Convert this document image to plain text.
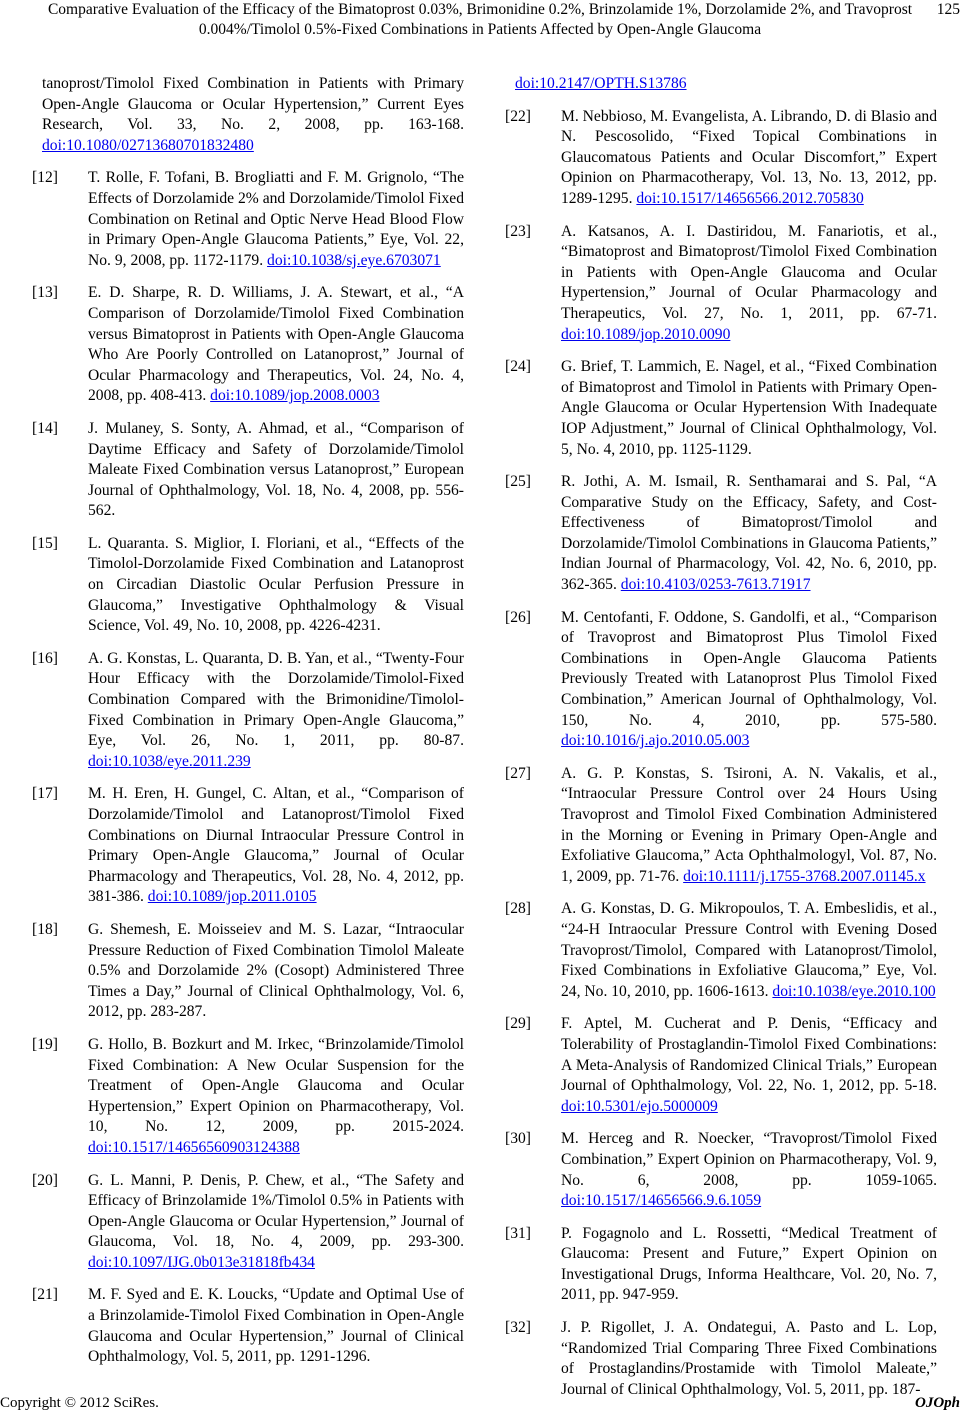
Comparative Evaluation of the Efficacy of the Bimatoprost 0.03%, Brimonidine 0.2%, Brinzolamide 1%, Dorzolamide 2%, and Travoprost 0.004%/Timolol 0.5%-Fixed Combinations in Patients Affected by Open-Angle Glaucoma
125
tanoprost/Timolol Fixed Combination in Patients with Primary Open-Angle Glaucoma or Ocular Hypertension,” Current Eyes Research, Vol. 33, No. 2, 2008, pp. 163-168. doi:10.1080/02713680701832480
[12] T. Rolle, F. Tofani, B. Brogliatti and F. M. Grignolo, “The Effects of Dorzolamide 2% and Dorzolamide/Timolol Fixed Combination on Retinal and Optic Nerve Head Blood Flow in Primary Open-Angle Glaucoma Patients,” Eye, Vol. 22, No. 9, 2008, pp. 1172-1179. doi:10.1038/sj.eye.6703071
[13] E. D. Sharpe, R. D. Williams, J. A. Stewart, et al., “A Comparison of Dorzolamide/Timolol Fixed Combination versus Bimatoprost in Patients with Open-Angle Glaucoma Who Are Poorly Controlled on Latanoprost,” Journal of Ocular Pharmacology and Therapeutics, Vol. 24, No. 4, 2008, pp. 408-413. doi:10.1089/jop.2008.0003
[14] J. Mulaney, S. Sonty, A. Ahmad, et al., “Comparison of Daytime Efficacy and Safety of Dorzolamide/Timolol Maleate Fixed Combination versus Latanoprost,” European Journal of Ophthalmology, Vol. 18, No. 4, 2008, pp. 556-562.
[15] L. Quaranta. S. Miglior, I. Floriani, et al., “Effects of the Timolol-Dorzolamide Fixed Combination and Latanoprost on Circadian Diastolic Ocular Perfusion Pressure in Glaucoma,” Investigative Ophthalmology & Visual Science, Vol. 49, No. 10, 2008, pp. 4226-4231.
[16] A. G. Konstas, L. Quaranta, D. B. Yan, et al., “Twenty-Four Hour Efficacy with the Dorzolamide/Timolol-Fixed Combination Compared with the Brimonidine/Timolol-Fixed Combination in Primary Open-Angle Glaucoma,” Eye, Vol. 26, No. 1, 2011, pp. 80-87. doi:10.1038/eye.2011.239
[17] M. H. Eren, H. Gungel, C. Altan, et al., “Comparison of Dorzolamide/Timolol and Latanoprost/Timolol Fixed Combinations on Diurnal Intraocular Pressure Control in Primary Open-Angle Glaucoma,” Journal of Ocular Pharmacology and Therapeutics, Vol. 28, No. 4, 2012, pp. 381-386. doi:10.1089/jop.2011.0105
[18] G. Shemesh, E. Moisseiev and M. S. Lazar, “Intraocular Pressure Reduction of Fixed Combination Timolol Maleate 0.5% and Dorzolamide 2% (Cosopt) Administered Three Times a Day,” Journal of Clinical Ophthalmology, Vol. 6, 2012, pp. 283-287.
[19] G. Hollo, B. Bozkurt and M. Irkec, “Brinzolamide/Timolol Fixed Combination: A New Ocular Suspension for the Treatment of Open-Angle Glaucoma and Ocular Hypertension,” Expert Opinion on Pharmacotherapy, Vol. 10, No. 12, 2009, pp. 2015-2024. doi:10.1517/14656560903124388
[20] G. L. Manni, P. Denis, P. Chew, et al., “The Safety and Efficacy of Brinzolamide 1%/Timolol 0.5% in Patients with Open-Angle Glaucoma or Ocular Hypertension,” Journal of Glaucoma, Vol. 18, No. 4, 2009, pp. 293-300. doi:10.1097/IJG.0b013e31818fb434
[21] M. F. Syed and E. K. Loucks, “Update and Optimal Use of a Brinzolamide-Timolol Fixed Combination in Open-Angle Glaucoma and Ocular Hypertension,” Journal of Clinical Ophthalmology, Vol. 5, 2011, pp. 1291-1296.
doi:10.2147/OPTH.S13786
[22] M. Nebbioso, M. Evangelista, A. Librando, D. di Blasio and N. Pescosolido, “Fixed Topical Combinations in Glaucomatous Patients and Ocular Discomfort,” Expert Opinion on Pharmacotherapy, Vol. 13, No. 13, 2012, pp. 1289-1295. doi:10.1517/14656566.2012.705830
[23] A. Katsanos, A. I. Dastiridou, M. Fanariotis, et al., “Bimatoprost and Bimatoprost/Timolol Fixed Combination in Patients with Open-Angle Glaucoma and Ocular Hypertension,” Journal of Ocular Pharmacology and Therapeutics, Vol. 27, No. 1, 2011, pp. 67-71. doi:10.1089/jop.2010.0090
[24] G. Brief, T. Lammich, E. Nagel, et al., “Fixed Combination of Bimatoprost and Timolol in Patients with Primary Open-Angle Glaucoma or Ocular Hypertension With Inadequate IOP Adjustment,” Journal of Clinical Ophthalmology, Vol. 5, No. 4, 2010, pp. 1125-1129.
[25] R. Jothi, A. M. Ismail, R. Senthamarai and S. Pal, “A Comparative Study on the Efficacy, Safety, and Cost-Effectiveness of Bimatoprost/Timolol and Dorzolamide/Timolol Combinations in Glaucoma Patients,” Indian Journal of Pharmacology, Vol. 42, No. 6, 2010, pp. 362-365. doi:10.4103/0253-7613.71917
[26] M. Centofanti, F. Oddone, S. Gandolfi, et al., “Comparison of Travoprost and Bimatoprost Plus Timolol Fixed Combinations in Open-Angle Glaucoma Patients Previously Treated with Latanoprost Plus Timolol Fixed Combination,” American Journal of Ophthalmology, Vol. 150, No. 4, 2010, pp. 575-580. doi:10.1016/j.ajo.2010.05.003
[27] A. G. P. Konstas, S. Tsironi, A. N. Vakalis, et al., “Intraocular Pressure Control over 24 Hours Using Travoprost and Timolol Fixed Combination Administered in the Morning or Evening in Primary Open-Angle and Exfoliative Glaucoma,” Acta Ophthalmologyl, Vol. 87, No. 1, 2009, pp. 71-76. doi:10.1111/j.1755-3768.2007.01145.x
[28] A. G. Konstas, D. G. Mikropoulos, T. A. Embeslidis, et al., “24-H Intraocular Pressure Control with Evening Dosed Travoprost/Timolol, Compared with Latanoprost/Timolol, Fixed Combinations in Exfoliative Glaucoma,” Eye, Vol. 24, No. 10, 2010, pp. 1606-1613. doi:10.1038/eye.2010.100
[29] F. Aptel, M. Cucherat and P. Denis, “Efficacy and Tolerability of Prostaglandin-Timolol Fixed Combinations: A Meta-Analysis of Randomized Clinical Trials,” European Journal of Ophthalmology, Vol. 22, No. 1, 2012, pp. 5-18. doi:10.5301/ejo.5000009
[30] M. Herceg and R. Noecker, “Travoprost/Timolol Fixed Combination,” Expert Opinion on Pharmacotherapy, Vol. 9, No. 6, 2008, pp. 1059-1065. doi:10.1517/14656566.9.6.1059
[31] P. Fogagnolo and L. Rossetti, “Medical Treatment of Glaucoma: Present and Future,” Expert Opinion on Investigational Drugs, Informa Healthcare, Vol. 20, No. 7, 2011, pp. 947-959.
[32] J. P. Rigollet, J. A. Ondategui, A. Pasto and L. Lop, “Randomized Trial Comparing Three Fixed Combinations of Prostaglandins/Prostamide with Timolol Maleate,” Journal of Clinical Ophthalmology, Vol. 5, 2011, pp. 187-
Copyright © 2012 SciRes.	OJOph
